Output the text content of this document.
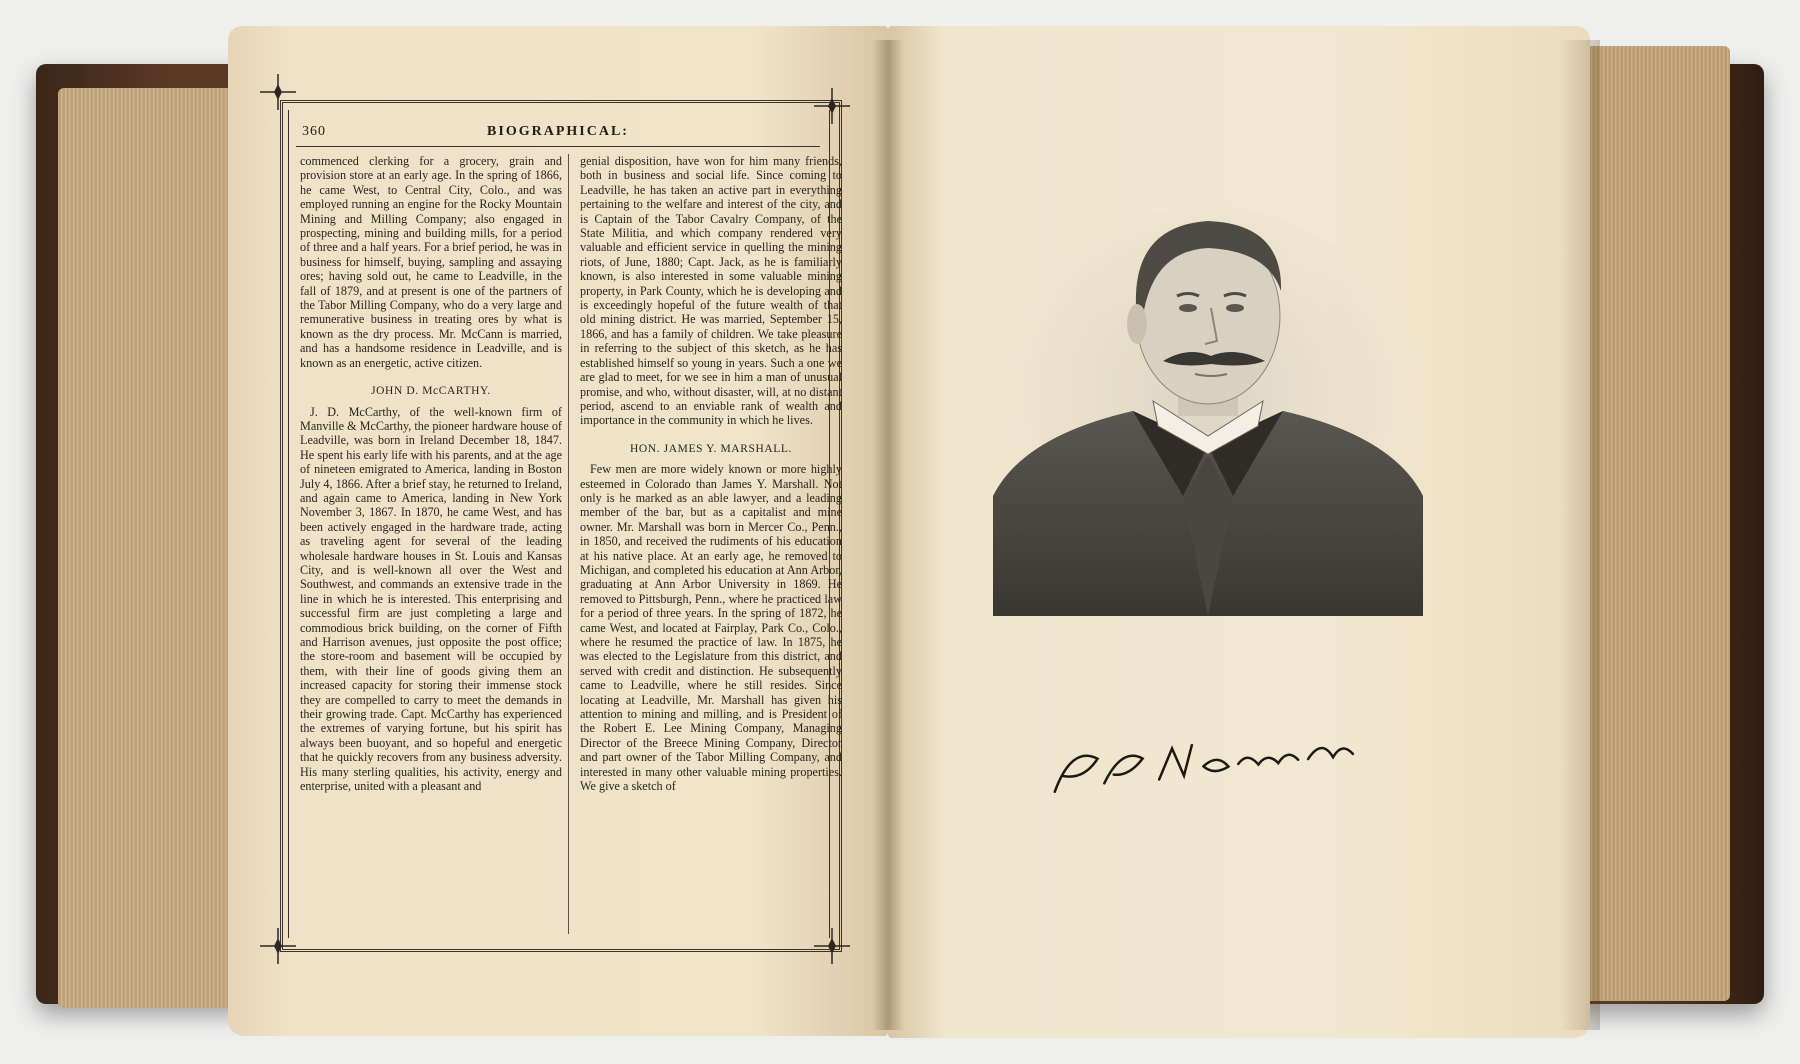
360	BIOGRAPHICAL:

commenced clerking for a grocery, grain and provision store at an early age. In the spring of 1866, he came West, to Central City, Colo., and was employed running an engine for the Rocky Mountain Mining and Milling Company; also engaged in prospecting, mining and building mills, for a period of three and a half years. For a brief period, he was in business for himself, buying, sampling and assaying ores; having sold out, he came to Leadville, in the fall of 1879, and at present is one of the partners of the Tabor Milling Company, who do a very large and remunerative business in treating ores by what is known as the dry process. Mr. McCann is married, and has a handsome residence in Leadville, and is known as an energetic, active citizen.

JOHN D. McCARTHY.

J. D. McCarthy, of the well-known firm of Manville & McCarthy, the pioneer hardware house of Leadville, was born in Ireland December 18, 1847. He spent his early life with his parents, and at the age of nineteen emigrated to America, landing in Boston July 4, 1866. After a brief stay, he returned to Ireland, and again came to America, landing in New York November 3, 1867. In 1870, he came West, and has been actively engaged in the hardware trade, acting as traveling agent for several of the leading wholesale hardware houses in St. Louis and Kansas City, and is well-known all over the West and Southwest, and commands an extensive trade in the line in which he is interested. This enterprising and successful firm are just completing a large and commodious brick building, on the corner of Fifth and Harrison avenues, just opposite the post office; the store-room and basement will be occupied by them, with their line of goods giving them an increased capacity for storing their immense stock they are compelled to carry to meet the demands in their growing trade. Capt. McCarthy has experienced the extremes of varying fortune, but his spirit has always been buoyant, and so hopeful and energetic that he quickly recovers from any business adversity. His many sterling qualities, his activity, energy and enterprise, united with a pleasant and

genial disposition, have won for him many friends, both in business and social life. Since coming to Leadville, he has taken an active part in everything pertaining to the welfare and interest of the city, and is Captain of the Tabor Cavalry Company, of the State Militia, and which company rendered very valuable and efficient service in quelling the mining riots, of June, 1880; Capt. Jack, as he is familiarly known, is also interested in some valuable mining property, in Park County, which he is developing and is exceedingly hopeful of the future wealth of that old mining district. He was married, September 15, 1866, and has a family of children. We take pleasure in referring to the subject of this sketch, as he has established himself so young in years. Such a one we are glad to meet, for we see in him a man of unusual promise, and who, without disaster, will, at no distant period, ascend to an enviable rank of wealth and importance in the community in which he lives.

HON. JAMES Y. MARSHALL.

Few men are more widely known or more highly esteemed in Colorado than James Y. Marshall. Not only is he marked as an able lawyer, and a leading member of the bar, but as a capitalist and mine owner. Mr. Marshall was born in Mercer Co., Penn., in 1850, and received the rudiments of his education at his native place. At an early age, he removed to Michigan, and completed his education at Ann Arbor, graduating at Ann Arbor University in 1869. He removed to Pittsburgh, Penn., where he practiced law for a period of three years. In the spring of 1872, he came West, and located at Fairplay, Park Co., Colo., where he resumed the practice of law. In 1875, he was elected to the Legislature from this district, and served with credit and distinction. He subsequently came to Leadville, where he still resides. Since locating at Leadville, Mr. Marshall has given his attention to mining and milling, and is President of the Robert E. Lee Mining Company, Managing Director of the Breece Mining Company, Director and part owner of the Tabor Milling Company, and interested in many other valuable mining properties. We give a sketch of
